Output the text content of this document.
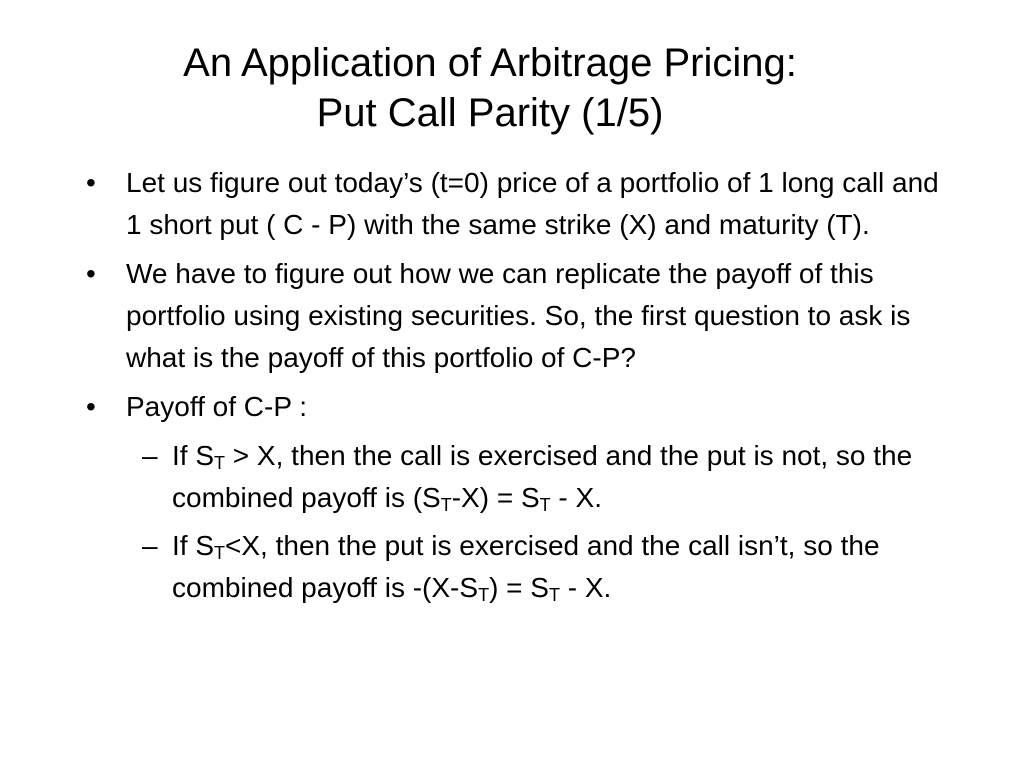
An Application of Arbitrage Pricing:
Put Call Parity (1/5)
•	Let us figure out today’s (t=0) price of a portfolio of 1 long call and 1 short put ( C - P) with the same strike (X) and maturity (T).
•	We have to figure out how we can replicate the payoff of this portfolio using existing securities. So, the first question to ask is what is the payoff of this portfolio of C-P?
•	Payoff of C-P :
– If $S_T > X$, then the call is exercised and the put is not, so the combined payoff is $(S_T-X) = S_T - X$.
– If $S_T<X$, then the put is exercised and the call isn’t, so the combined payoff is $-(X-S_T) = S_T - X$.
